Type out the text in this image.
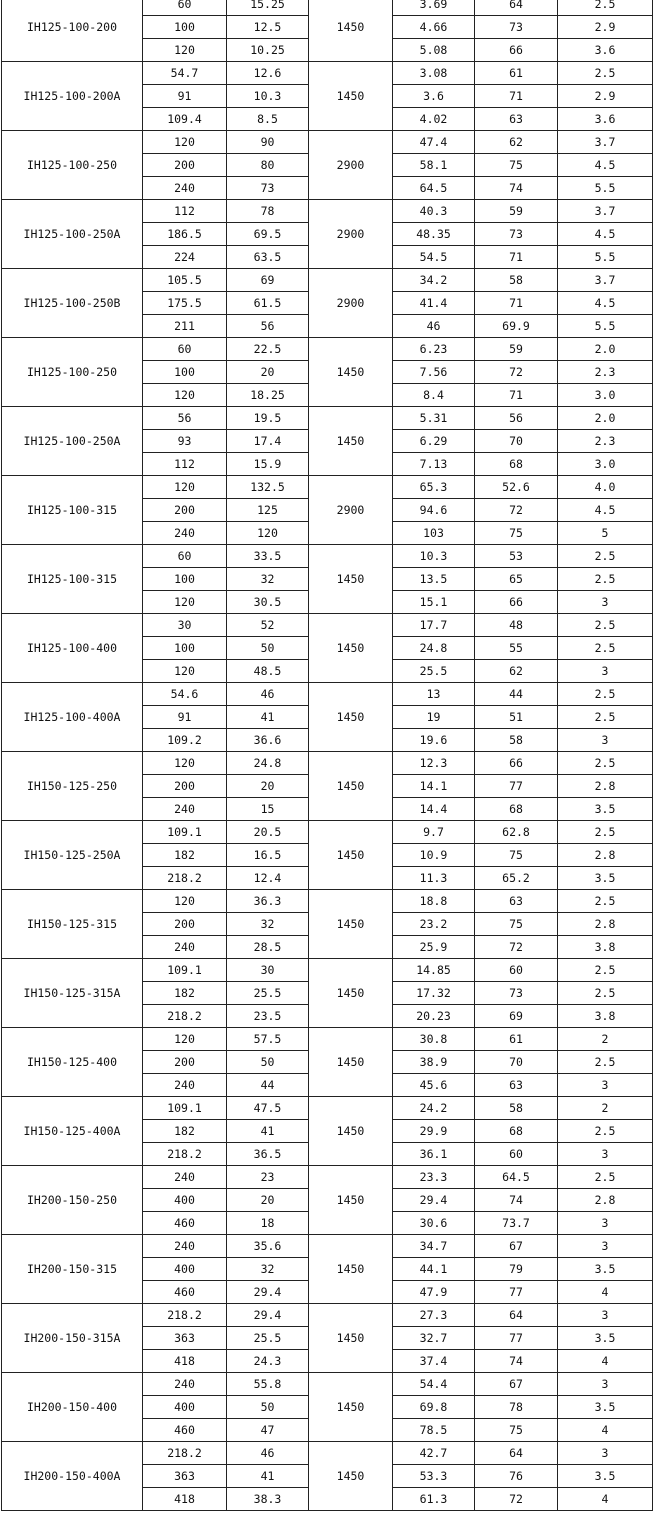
IH125-100-200	60	15.25	1450	3.69	64	2.5
	100	12.5		4.66	73	2.9
	120	10.25		5.08	66	3.6
IH125-100-200A	54.7	12.6	1450	3.08	61	2.5
	91	10.3		3.6	71	2.9
	109.4	8.5		4.02	63	3.6
IH125-100-250	120	90	2900	47.4	62	3.7
	200	80		58.1	75	4.5
	240	73		64.5	74	5.5
IH125-100-250A	112	78	2900	40.3	59	3.7
	186.5	69.5		48.35	73	4.5
	224	63.5		54.5	71	5.5
IH125-100-250B	105.5	69	2900	34.2	58	3.7
	175.5	61.5		41.4	71	4.5
	211	56		46	69.9	5.5
IH125-100-250	60	22.5	1450	6.23	59	2.0
	100	20		7.56	72	2.3
	120	18.25		8.4	71	3.0
IH125-100-250A	56	19.5	1450	5.31	56	2.0
	93	17.4		6.29	70	2.3
	112	15.9		7.13	68	3.0
IH125-100-315	120	132.5	2900	65.3	52.6	4.0
	200	125		94.6	72	4.5
	240	120		103	75	5
IH125-100-315	60	33.5	1450	10.3	53	2.5
	100	32		13.5	65	2.5
	120	30.5		15.1	66	3
IH125-100-400	30	52	1450	17.7	48	2.5
	100	50		24.8	55	2.5
	120	48.5		25.5	62	3
IH125-100-400A	54.6	46	1450	13	44	2.5
	91	41		19	51	2.5
	109.2	36.6		19.6	58	3
IH150-125-250	120	24.8	1450	12.3	66	2.5
	200	20		14.1	77	2.8
	240	15		14.4	68	3.5
IH150-125-250A	109.1	20.5	1450	9.7	62.8	2.5
	182	16.5		10.9	75	2.8
	218.2	12.4		11.3	65.2	3.5
IH150-125-315	120	36.3	1450	18.8	63	2.5
	200	32		23.2	75	2.8
	240	28.5		25.9	72	3.8
IH150-125-315A	109.1	30	1450	14.85	60	2.5
	182	25.5		17.32	73	2.5
	218.2	23.5		20.23	69	3.8
IH150-125-400	120	57.5	1450	30.8	61	2
	200	50		38.9	70	2.5
	240	44		45.6	63	3
IH150-125-400A	109.1	47.5	1450	24.2	58	2
	182	41		29.9	68	2.5
	218.2	36.5		36.1	60	3
IH200-150-250	240	23	1450	23.3	64.5	2.5
	400	20		29.4	74	2.8
	460	18		30.6	73.7	3
IH200-150-315	240	35.6	1450	34.7	67	3
	400	32		44.1	79	3.5
	460	29.4		47.9	77	4
IH200-150-315A	218.2	29.4	1450	27.3	64	3
	363	25.5		32.7	77	3.5
	418	24.3		37.4	74	4
IH200-150-400	240	55.8	1450	54.4	67	3
	400	50		69.8	78	3.5
	460	47		78.5	75	4
IH200-150-400A	218.2	46	1450	42.7	64	3
	363	41		53.3	76	3.5
	418	38.3		61.3	72	4
